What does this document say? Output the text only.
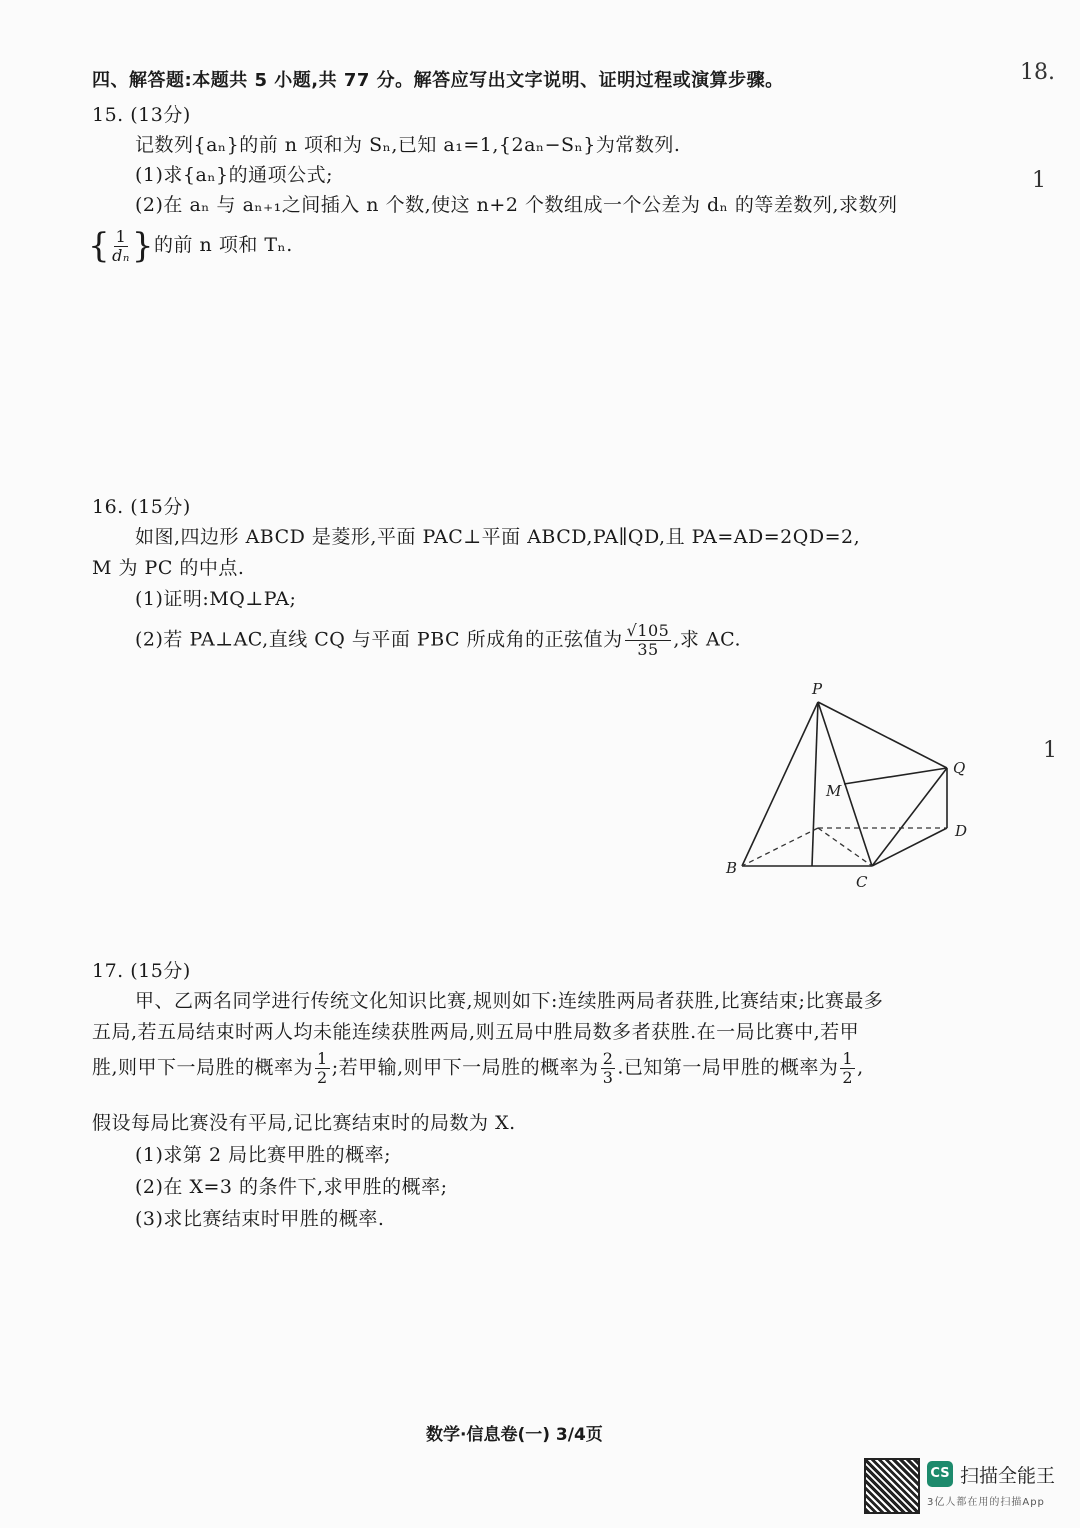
四、解答题:本题共 5 小题,共 77 分。解答应写出文字说明、证明过程或演算步骤。	18.
1
1
15. (13分)
记数列{aₙ}的前 n 项和为 Sₙ,已知 a₁=1,{2aₙ−Sₙ}为常数列.
(1)求{aₙ}的通项公式;
(2)在 aₙ 与 aₙ₊₁之间插入 n 个数,使这 n+2 个数组成一个公差为 dₙ 的等差数列,求数列
{ $\frac{1}{\text{dₙ}}$ }的前 n 项和 Tₙ.
16. (15分)
如图,四边形 ABCD 是菱形,平面 PAC⊥平面 ABCD,PA∥QD,且 PA=AD=2QD=2,
M 为 PC 的中点.
(1)证明:MQ⊥PA;
(2)若 PA⊥AC,直线 CQ 与平面 PBC 所成角的正弦值为 $\frac{√105}{35}$ ,求 AC.
P
Q
M
D
B
C
17. (15分)
甲、乙两名同学进行传统文化知识比赛,规则如下:连续胜两局者获胜,比赛结束;比赛最多
五局,若五局结束时两人均未能连续获胜两局,则五局中胜局数多者获胜.在一局比赛中,若甲
胜,则甲下一局胜的概率为 $\frac{1}{2}$ ;若甲输,则甲下一局胜的概率为 $\frac{2}{3}$ .已知第一局甲胜的概率为 $\frac{1}{2}$ ,
假设每局比赛没有平局,记比赛结束时的局数为 X.
(1)求第 2 局比赛甲胜的概率;
(2)在 X=3 的条件下,求甲胜的概率;
(3)求比赛结束时甲胜的概率.
数学·信息卷(一) 3/4页
CS 扫描全能王
3亿人都在用的扫描App
